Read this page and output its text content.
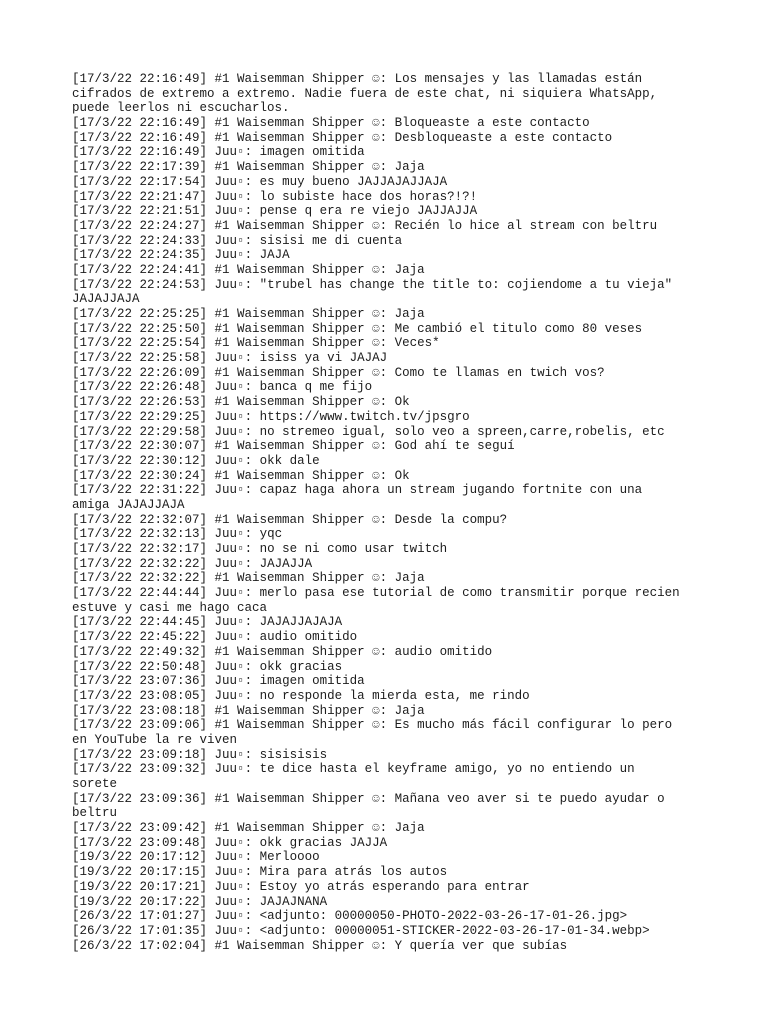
[17/3/22 22:16:49] #1 Waisemman Shipper ☺: Los mensajes y las llamadas están cifrados de extremo a extremo. Nadie fuera de este chat, ni siquiera WhatsApp, puede leerlos ni escucharlos.
[17/3/22 22:16:49] #1 Waisemman Shipper ☺: Bloqueaste a este contacto
[17/3/22 22:16:49] #1 Waisemman Shipper ☺: Desbloqueaste a este contacto
[17/3/22 22:16:49] Juu▫: imagen omitida
[17/3/22 22:17:39] #1 Waisemman Shipper ☺: Jaja
[17/3/22 22:17:54] Juu▫: es muy bueno JAJJAJAJJAJA
[17/3/22 22:21:47] Juu▫: lo subiste hace dos horas?!?!
[17/3/22 22:21:51] Juu▫: pense q era re viejo JAJJAJJA
[17/3/22 22:24:27] #1 Waisemman Shipper ☺: Recién lo hice al stream con beltru
[17/3/22 22:24:33] Juu▫: sisisi me di cuenta
[17/3/22 22:24:35] Juu▫: JAJA
[17/3/22 22:24:41] #1 Waisemman Shipper ☺: Jaja
[17/3/22 22:24:53] Juu▫: "trubel has change the title to: cojiendome a tu vieja" JAJAJJAJA
[17/3/22 22:25:25] #1 Waisemman Shipper ☺: Jaja
[17/3/22 22:25:50] #1 Waisemman Shipper ☺: Me cambió el titulo como 80 veses
[17/3/22 22:25:54] #1 Waisemman Shipper ☺: Veces*
[17/3/22 22:25:58] Juu▫: isiss ya vi JAJAJ
[17/3/22 22:26:09] #1 Waisemman Shipper ☺: Como te llamas en twich vos?
[17/3/22 22:26:48] Juu▫: banca q me fijo
[17/3/22 22:26:53] #1 Waisemman Shipper ☺: Ok
[17/3/22 22:29:25] Juu▫: https://www.twitch.tv/jpsgro
[17/3/22 22:29:58] Juu▫: no stremeo igual, solo veo a spreen,carre,robelis, etc
[17/3/22 22:30:07] #1 Waisemman Shipper ☺: God ahí te seguí
[17/3/22 22:30:12] Juu▫: okk dale
[17/3/22 22:30:24] #1 Waisemman Shipper ☺: Ok
[17/3/22 22:31:22] Juu▫: capaz haga ahora un stream jugando fortnite con una amiga JAJAJJAJA
[17/3/22 22:32:07] #1 Waisemman Shipper ☺: Desde la compu?
[17/3/22 22:32:13] Juu▫: yqc
[17/3/22 22:32:17] Juu▫: no se ni como usar twitch
[17/3/22 22:32:22] Juu▫: JAJAJJA
[17/3/22 22:32:22] #1 Waisemman Shipper ☺: Jaja
[17/3/22 22:44:44] Juu▫: merlo pasa ese tutorial de como transmitir porque recien estuve y casi me hago caca
[17/3/22 22:44:45] Juu▫: JAJAJJAJAJA
[17/3/22 22:45:22] Juu▫: audio omitido
[17/3/22 22:49:32] #1 Waisemman Shipper ☺: audio omitido
[17/3/22 22:50:48] Juu▫: okk gracias
[17/3/22 23:07:36] Juu▫: imagen omitida
[17/3/22 23:08:05] Juu▫: no responde la mierda esta, me rindo
[17/3/22 23:08:18] #1 Waisemman Shipper ☺: Jaja
[17/3/22 23:09:06] #1 Waisemman Shipper ☺: Es mucho más fácil configurar lo pero en YouTube la re viven
[17/3/22 23:09:18] Juu▫: sisisisis
[17/3/22 23:09:32] Juu▫: te dice hasta el keyframe amigo, yo no entiendo un sorete
[17/3/22 23:09:36] #1 Waisemman Shipper ☺: Mañana veo aver si te puedo ayudar o beltru
[17/3/22 23:09:42] #1 Waisemman Shipper ☺: Jaja
[17/3/22 23:09:48] Juu▫: okk gracias JAJJA
[19/3/22 20:17:12] Juu▫: Merloooo
[19/3/22 20:17:15] Juu▫: Mira para atrás los autos
[19/3/22 20:17:21] Juu▫: Estoy yo atrás esperando para entrar
[19/3/22 20:17:22] Juu▫: JAJAJNANA
[26/3/22 17:01:27] Juu▫: <adjunto: 00000050-PHOTO-2022-03-26-17-01-26.jpg>
[26/3/22 17:01:35] Juu▫: <adjunto: 00000051-STICKER-2022-03-26-17-01-34.webp>
[26/3/22 17:02:04] #1 Waisemman Shipper ☺: Y quería ver que subías
